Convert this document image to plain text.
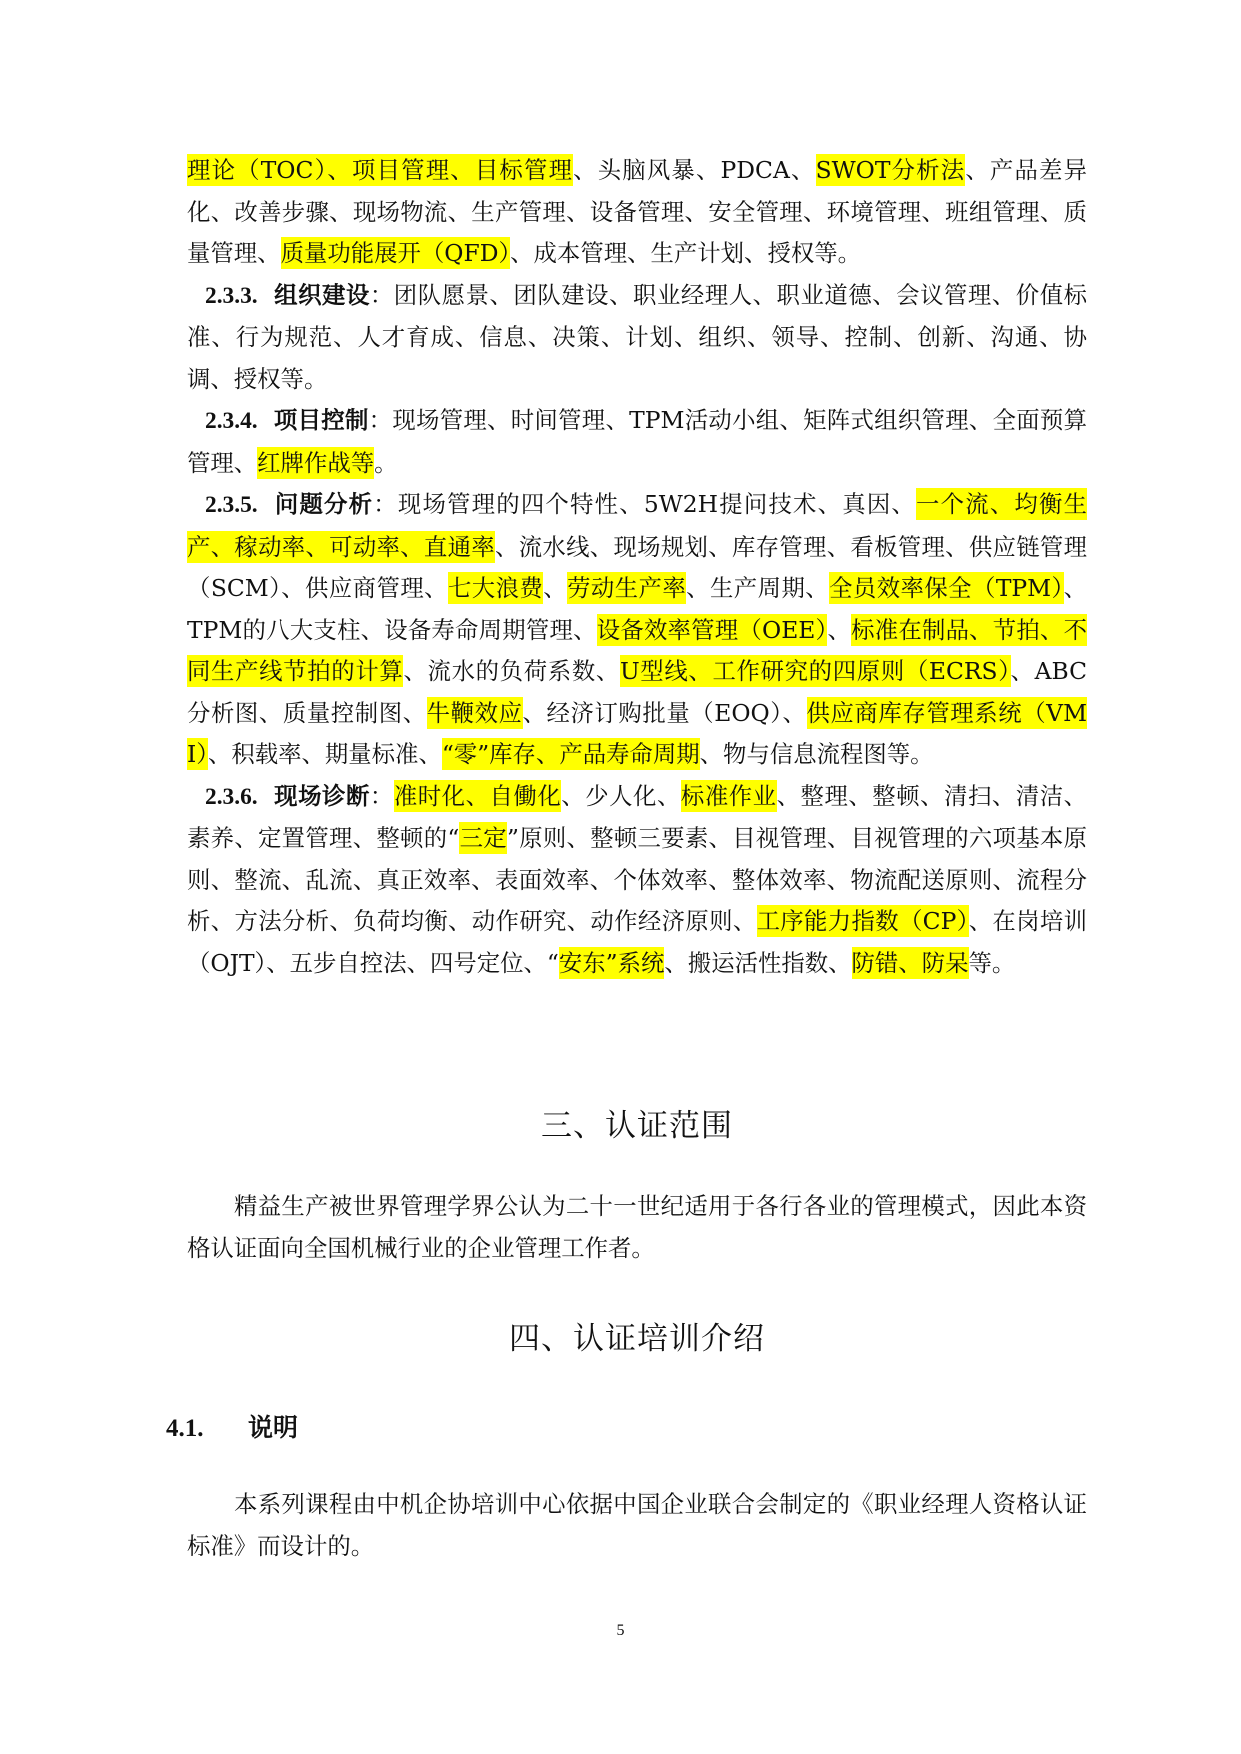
理论（TOC）、项目管理、目标管理、头脑风暴、PDCA、SWOT分析法、产品差异化、改善步骤、现场物流、生产管理、设备管理、安全管理、环境管理、班组管理、质量管理、质量功能展开（QFD）、成本管理、生产计划、授权等。

2.3.3. 组织建设：团队愿景、团队建设、职业经理人、职业道德、会议管理、价值标准、行为规范、人才育成、信息、决策、计划、组织、领导、控制、创新、沟通、协调、授权等。

2.3.4. 项目控制：现场管理、时间管理、TPM活动小组、矩阵式组织管理、全面预算管理、红牌作战等。

2.3.5. 问题分析：现场管理的四个特性、5W2H提问技术、真因、一个流、均衡生产、稼动率、可动率、直通率、流水线、现场规划、库存管理、看板管理、供应链管理（SCM）、供应商管理、七大浪费、劳动生产率、生产周期、全员效率保全（TPM）、TPM的八大支柱、设备寿命周期管理、设备效率管理（OEE）、标准在制品、节拍、不同生产线节拍的计算、流水的负荷系数、U型线、工作研究的四原则（ECRS）、ABC分析图、质量控制图、牛鞭效应、经济订购批量（EOQ）、供应商库存管理系统（VMI）、积载率、期量标准、“零”库存、产品寿命周期、物与信息流程图等。

2.3.6. 现场诊断：准时化、自働化、少人化、标准作业、整理、整顿、清扫、清洁、素养、定置管理、整顿的“三定”原则、整顿三要素、目视管理、目视管理的六项基本原则、整流、乱流、真正效率、表面效率、个体效率、整体效率、物流配送原则、流程分析、方法分析、负荷均衡、动作研究、动作经济原则、工序能力指数（CP）、在岗培训（OJT）、五步自控法、四号定位、“安东”系统、搬运活性指数、防错、防呆等。

三、认证范围

精益生产被世界管理学界公认为二十一世纪适用于各行各业的管理模式，因此本资格认证面向全国机械行业的企业管理工作者。

四、认证培训介绍
4.1. 说明

本系列课程由中机企协培训中心依据中国企业联合会制定的《职业经理人资格认证标准》而设计的。

5
